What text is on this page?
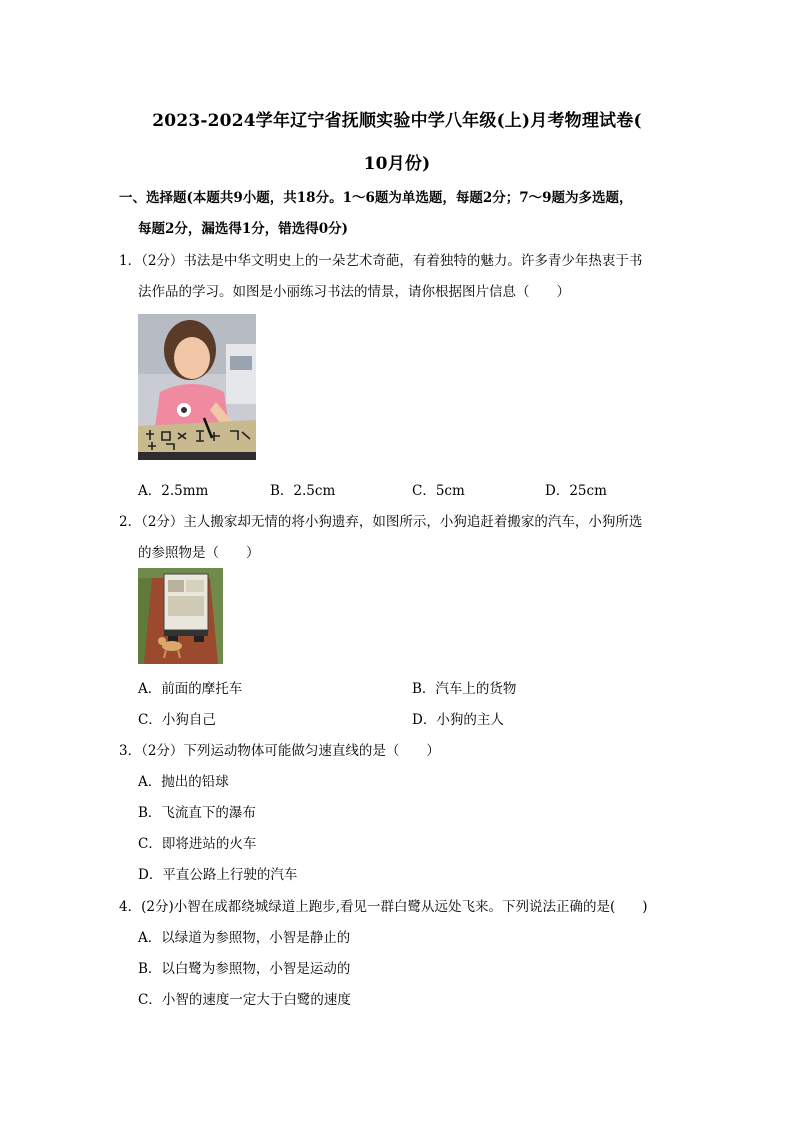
2023-2024学年辽宁省抚顺实验中学八年级(上)月考物理试卷(
10月份)
一、选择题(本题共9小题，共18分。1～6题为单选题，每题2分；7～9题为多选题，
每题2分，漏选得1分，错选得0分)
1．（2分）书法是中华文明史上的一朵艺术奇葩，有着独特的魅力。许多青少年热衷于书
法作品的学习。如图是小丽练习书法的情景，请你根据图片信息（　　）
A．2.5mm	B．2.5cm	C．5cm	D．25cm
2．（2分）主人搬家却无情的将小狗遗弃，如图所示，小狗追赶着搬家的汽车，小狗所选
的参照物是（　　）
A．前面的摩托车	B．汽车上的货物
C．小狗自己	D．小狗的主人
3．（2分）下列运动物体可能做匀速直线的是（　　）
A．抛出的铅球
B．飞流直下的瀑布
C．即将进站的火车
D．平直公路上行驶的汽车
4．(2分)小智在成都绕城绿道上跑步,看见一群白鹭从远处飞来。下列说法正确的是(　　)
A．以绿道为参照物，小智是静止的
B．以白鹭为参照物，小智是运动的
C．小智的速度一定大于白鹭的速度
